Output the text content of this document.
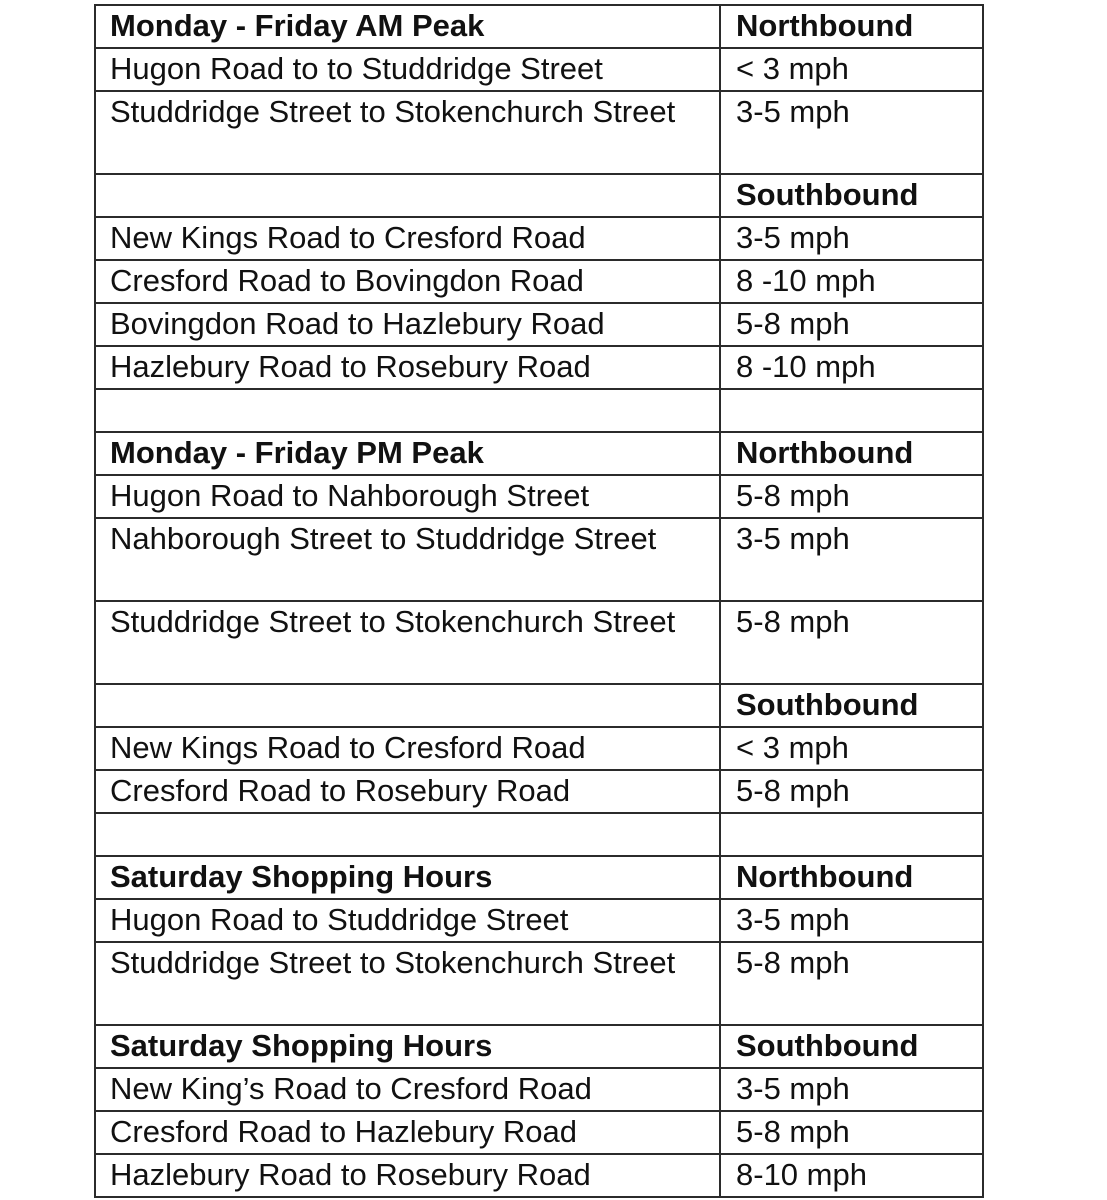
Monday - Friday AM Peak	Northbound
Hugon Road to to Studdridge Street	< 3 mph
Studdridge Street to Stokenchurch Street	3-5 mph
	Southbound
New Kings Road to Cresford Road	3-5 mph
Cresford Road to Bovingdon Road	8 -10 mph
Bovingdon Road to Hazlebury Road	5-8 mph
Hazlebury Road to Rosebury Road	8 -10 mph

Monday - Friday PM Peak	Northbound
Hugon Road to Nahborough Street	5-8 mph
Nahborough Street to Studdridge Street	3-5 mph
Studdridge Street to Stokenchurch Street	5-8 mph
	Southbound
New Kings Road to Cresford Road	< 3 mph
Cresford Road to Rosebury Road	5-8 mph

Saturday Shopping Hours	Northbound
Hugon Road to Studdridge Street	3-5 mph
Studdridge Street to Stokenchurch Street	5-8 mph
Saturday Shopping Hours	Southbound
New King’s Road to Cresford Road	3-5 mph
Cresford Road to Hazlebury Road	5-8 mph
Hazlebury Road to Rosebury Road	8-10 mph
